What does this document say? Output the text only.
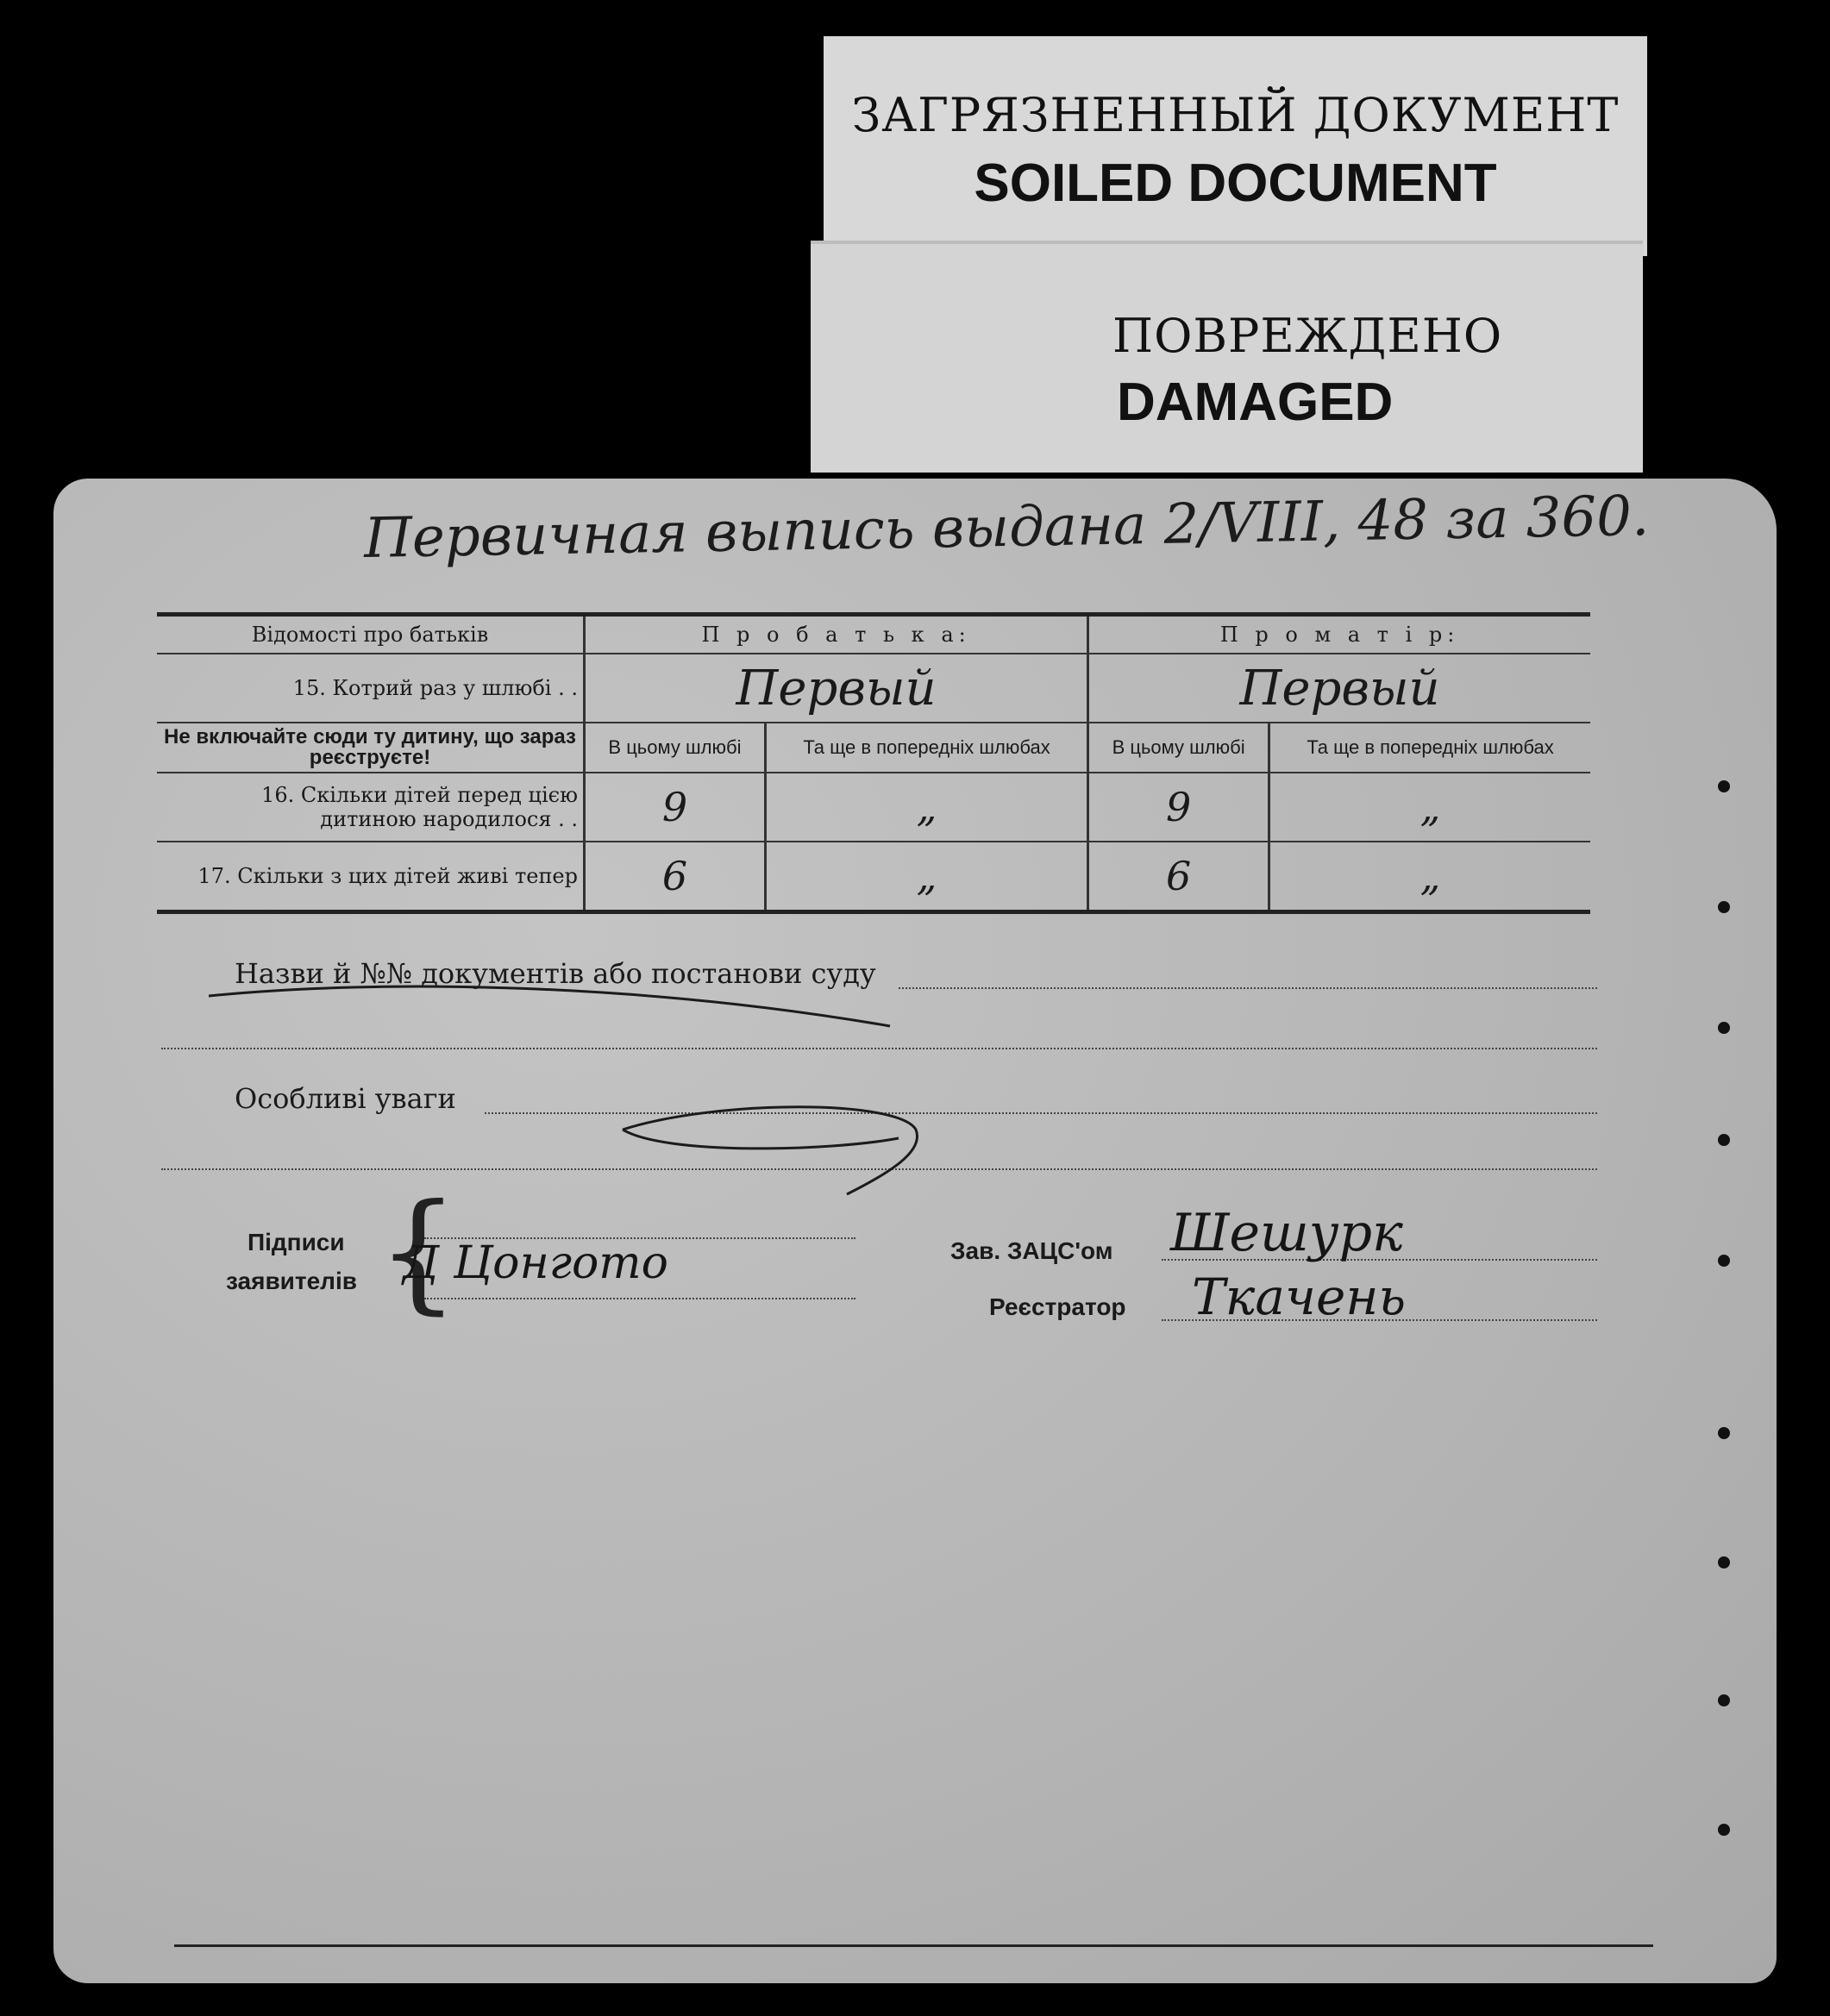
ЗАГРЯЗНЕННЫЙ ДОКУМЕНТ
SOILED DOCUMENT
ПОВРЕЖДЕНО
DAMAGED
Первичная выпись выдана 2/VIII, 48 за 360.
Відомості про батьків	П р о б а т ь к а:		П р о м а т і р:	
15. Котрий раз у шлюбі . .	Первый		Первый	
Не включайте сюди ту дитину, що зараз реєструєте!	В цьому шлюбі	Та ще в попередніх шлюбах	В цьому шлюбі	Та ще в попередніх шлюбах
16. Скільки дітей перед цією дитиною народилося . .	9	„	9	„
17. Скільки з цих дітей живі тепер	6	„	6	„
Назви й №№ документів або постанови суду
Особливі уваги
Підписи
заявителів {
Д Цонгото	Зав. ЗАЦС'ом Шешурк
Реєстратор Ткачень
